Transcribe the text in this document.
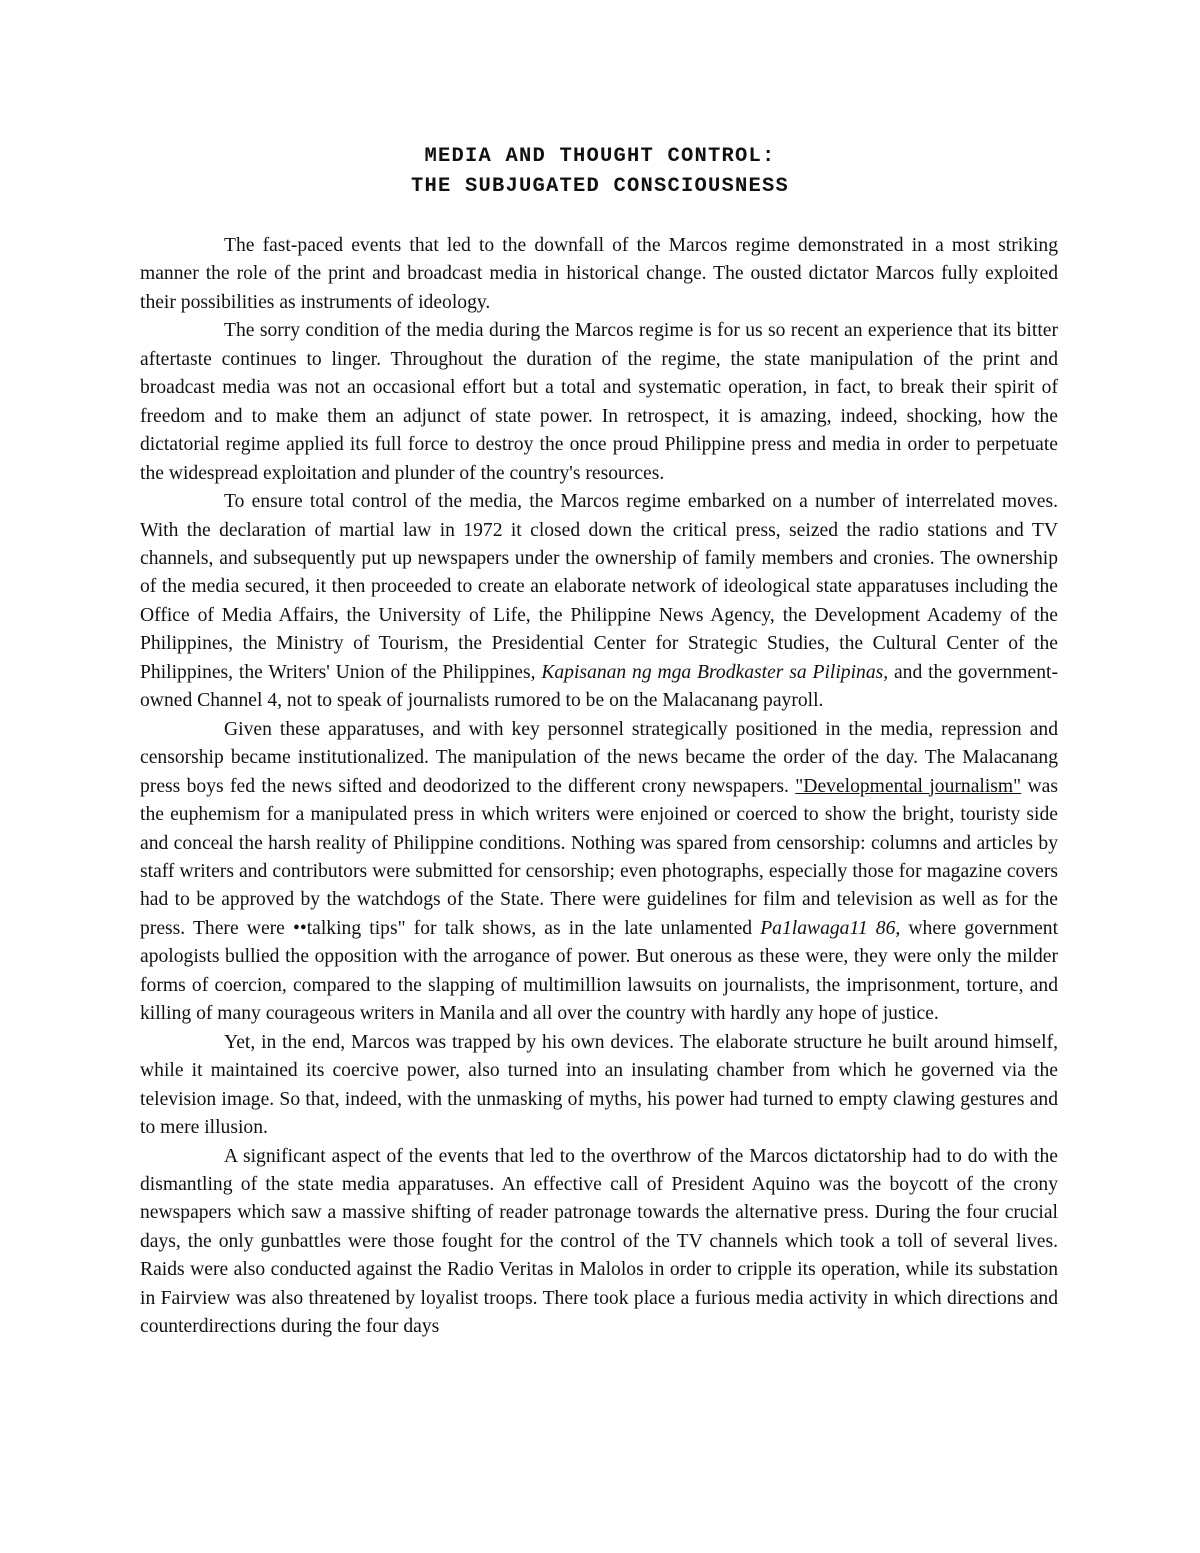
MEDIA AND THOUGHT CONTROL:
THE SUBJUGATED CONSCIOUSNESS

The fast-paced events that led to the downfall of the Marcos regime demonstrated in a most striking manner the role of the print and broadcast media in historical change. The ousted dictator Marcos fully exploited their possibilities as instruments of ideology.

The sorry condition of the media during the Marcos regime is for us so recent an experience that its bitter aftertaste continues to linger. Throughout the duration of the regime, the state manipulation of the print and broadcast media was not an occasional effort but a total and systematic operation, in fact, to break their spirit of freedom and to make them an adjunct of state power. In retrospect, it is amazing, indeed, shocking, how the dictatorial regime applied its full force to destroy the once proud Philippine press and media in order to perpetuate the widespread exploitation and plunder of the country's resources.

To ensure total control of the media, the Marcos regime embarked on a number of interrelated moves. With the declaration of martial law in 1972 it closed down the critical press, seized the radio stations and TV channels, and subsequently put up newspapers under the ownership of family members and cronies. The ownership of the media secured, it then proceeded to create an elaborate network of ideological state apparatuses including the Office of Media Affairs, the University of Life, the Philippine News Agency, the Development Academy of the Philippines, the Ministry of Tourism, the Presidential Center for Strategic Studies, the Cultural Center of the Philippines, the Writers' Union of the Philippines, Kapisanan ng mga Brodkaster sa Pilipinas, and the government-owned Channel 4, not to speak of journalists rumored to be on the Malacanang payroll.

Given these apparatuses, and with key personnel strategically positioned in the media, repression and censorship became institutionalized. The manipulation of the news became the order of the day. The Malacanang press boys fed the news sifted and deodorized to the different crony newspapers. "Developmental journalism" was the euphemism for a manipulated press in which writers were enjoined or coerced to show the bright, touristy side and conceal the harsh reality of Philippine conditions. Nothing was spared from censorship: columns and articles by staff writers and contributors were submitted for censorship; even photographs, especially those for magazine covers had to be approved by the watchdogs of the State. There were guidelines for film and television as well as for the press. There were ••talking tips" for talk shows, as in the late unlamented Pa1lawaga11 86, where government apologists bullied the opposition with the arrogance of power. But onerous as these were, they were only the milder forms of coercion, compared to the slapping of multimillion lawsuits on journalists, the imprisonment, torture, and killing of many courageous writers in Manila and all over the country with hardly any hope of justice.

Yet, in the end, Marcos was trapped by his own devices. The elaborate structure he built around himself, while it maintained its coercive power, also turned into an insulating chamber from which he governed via the television image. So that, indeed, with the unmasking of myths, his power had turned to empty clawing gestures and to mere illusion.

A significant aspect of the events that led to the overthrow of the Marcos dictatorship had to do with the dismantling of the state media apparatuses. An effective call of President Aquino was the boycott of the crony newspapers which saw a massive shifting of reader patronage towards the alternative press. During the four crucial days, the only gunbattles were those fought for the control of the TV channels which took a toll of several lives. Raids were also conducted against the Radio Veritas in Malolos in order to cripple its operation, while its substation in Fairview was also threatened by loyalist troops. There took place a furious media activity in which directions and counterdirections during the four days
